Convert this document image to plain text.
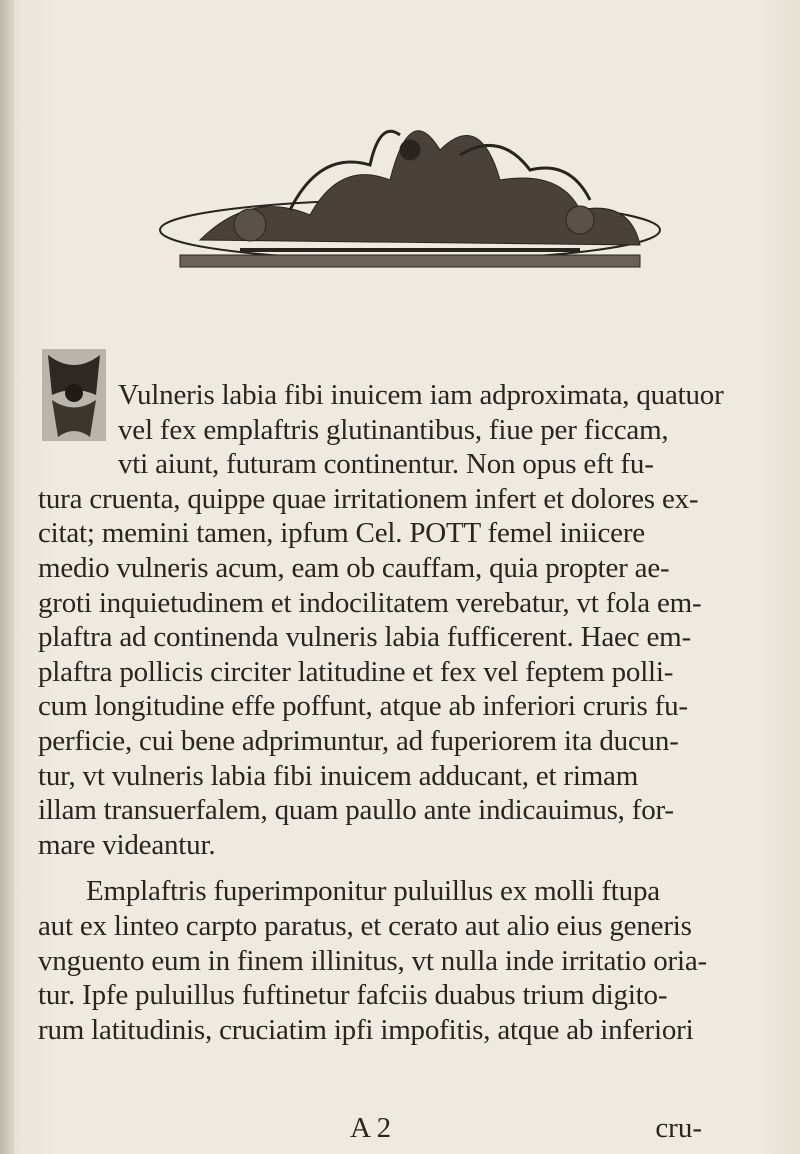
Vulneris labia fibi inuicem iam adproximata, quatuor
vel fex emplaftris glutinantibus, fiue per ficcam,
vti aiunt, futuram continentur. Non opus eft fu-
tura cruenta, quippe quae irritationem infert et dolores ex-
citat; memini tamen, ipfum Cel. POTT femel iniicere
medio vulneris acum, eam ob cauffam, quia propter ae-
groti inquietudinem et indocilitatem verebatur, vt fola em-
plaftra ad continenda vulneris labia fufficerent. Haec em-
plaftra pollicis circiter latitudine et fex vel feptem polli-
cum longitudine effe poffunt, atque ab inferiori cruris fu-
perficie, cui bene adprimuntur, ad fuperiorem ita ducun-
tur, vt vulneris labia fibi inuicem adducant, et rimam
illam transuerfalem, quam paullo ante indicauimus, for-
mare videantur.
Emplaftris fuperimponitur puluillus ex molli ftupa
aut ex linteo carpto paratus, et cerato aut alio eius generis
vnguento eum in finem illinitus, vt nulla inde irritatio oria-
tur. Ipfe puluillus fuftinetur fafciis duabus trium digito-
rum latitudinis, cruciatim ipfi impofitis, atque ab inferiori
A 2	cru-
